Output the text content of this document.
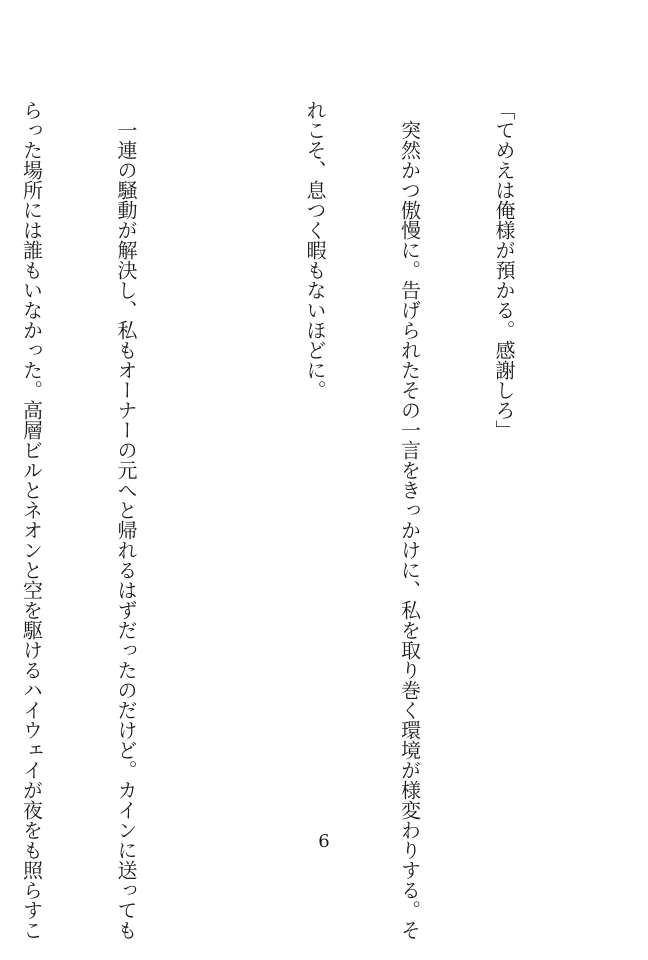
「てめえは俺様が預かる。感謝しろ」

　突然かつ傲慢に。告げられたその一言をきっかけに、私を取り巻く環境が様変わりする。そ

れこそ、息つく暇もないほどに。

　一連の騒動が解決し、私もオーナーの元へと帰れるはずだったのだけど。カインに送っても

らった場所には誰もいなかった。高層ビルとネオンと空を駆けるハイウェイが夜をも照らすこ

	6
